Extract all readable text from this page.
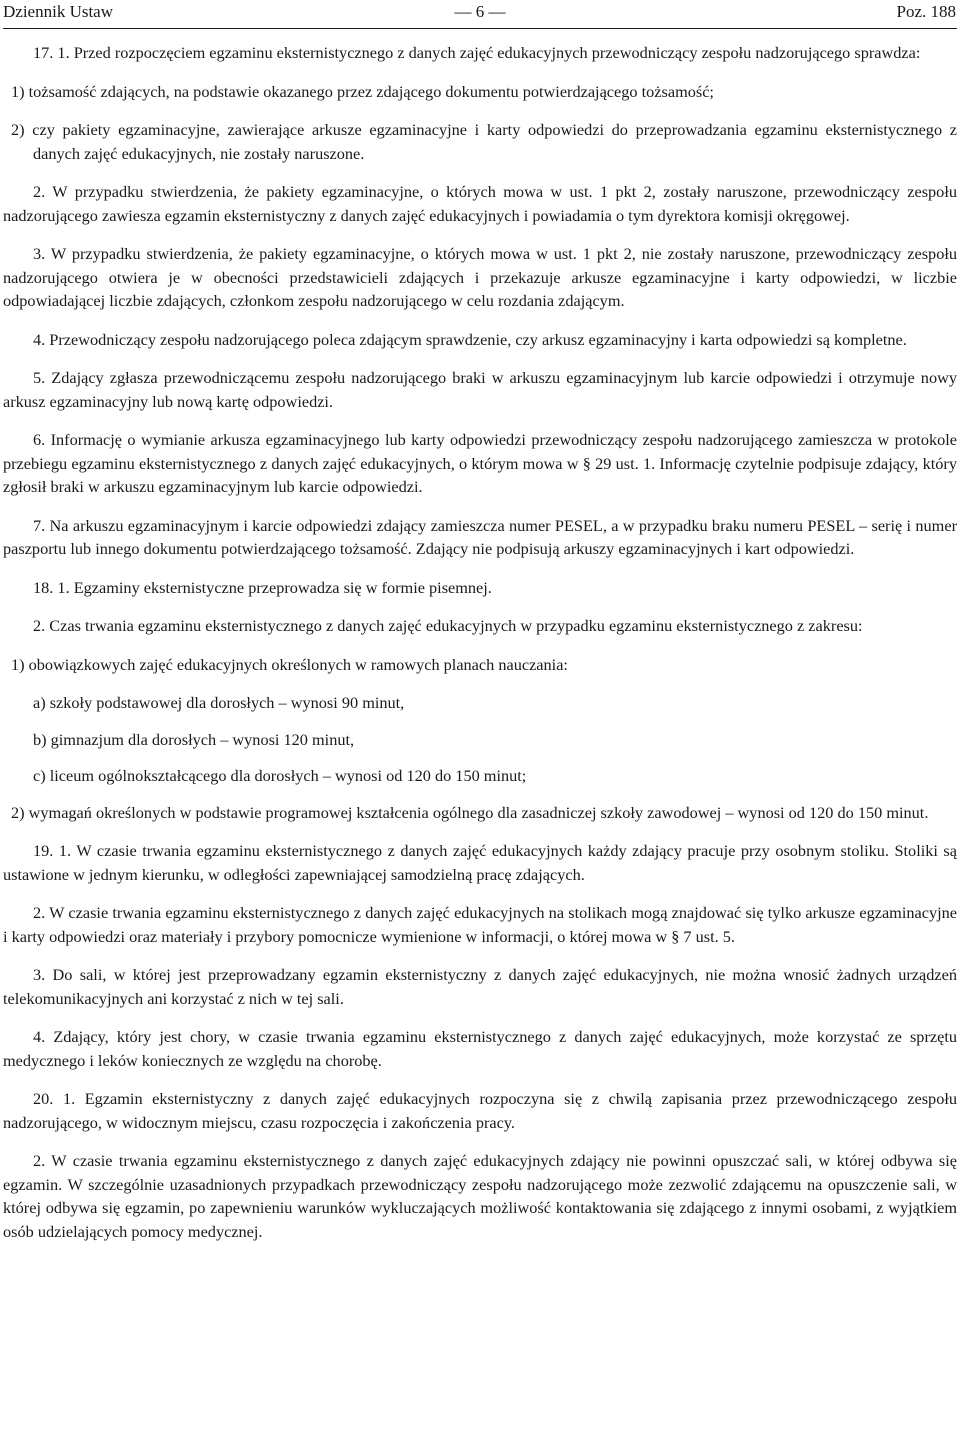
Dziennik Ustaw	— 6 —	Poz. 188

17. 1. Przed rozpoczęciem egzaminu eksternistycznego z danych zajęć edukacyjnych przewodniczący zespołu nadzorującego sprawdza:

1) tożsamość zdających, na podstawie okazanego przez zdającego dokumentu potwierdzającego tożsamość;

2) czy pakiety egzaminacyjne, zawierające arkusze egzaminacyjne i karty odpowiedzi do przeprowadzania egzaminu eksternistycznego z danych zajęć edukacyjnych, nie zostały naruszone.

2. W przypadku stwierdzenia, że pakiety egzaminacyjne, o których mowa w ust. 1 pkt 2, zostały naruszone, przewodniczący zespołu nadzorującego zawiesza egzamin eksternistyczny z danych zajęć edukacyjnych i powiadamia o tym dyrektora komisji okręgowej.

3. W przypadku stwierdzenia, że pakiety egzaminacyjne, o których mowa w ust. 1 pkt 2, nie zostały naruszone, przewodniczący zespołu nadzorującego otwiera je w obecności przedstawicieli zdających i przekazuje arkusze egzaminacyjne i karty odpowiedzi, w liczbie odpowiadającej liczbie zdających, członkom zespołu nadzorującego w celu rozdania zdającym.

4. Przewodniczący zespołu nadzorującego poleca zdającym sprawdzenie, czy arkusz egzaminacyjny i karta odpowiedzi są kompletne.

5. Zdający zgłasza przewodniczącemu zespołu nadzorującego braki w arkuszu egzaminacyjnym lub karcie odpowiedzi i otrzymuje nowy arkusz egzaminacyjny lub nową kartę odpowiedzi.

6. Informację o wymianie arkusza egzaminacyjnego lub karty odpowiedzi przewodniczący zespołu nadzorującego zamieszcza w protokole przebiegu egzaminu eksternistycznego z danych zajęć edukacyjnych, o którym mowa w § 29 ust. 1. Informację czytelnie podpisuje zdający, który zgłosił braki w arkuszu egzaminacyjnym lub karcie odpowiedzi.

7. Na arkuszu egzaminacyjnym i karcie odpowiedzi zdający zamieszcza numer PESEL, a w przypadku braku numeru PESEL – serię i numer paszportu lub innego dokumentu potwierdzającego tożsamość. Zdający nie podpisują arkuszy egzaminacyjnych i kart odpowiedzi.

18. 1. Egzaminy eksternistyczne przeprowadza się w formie pisemnej.

2. Czas trwania egzaminu eksternistycznego z danych zajęć edukacyjnych w przypadku egzaminu eksternistycznego z zakresu:

1) obowiązkowych zajęć edukacyjnych określonych w ramowych planach nauczania:

a) szkoły podstawowej dla dorosłych – wynosi 90 minut,

b) gimnazjum dla dorosłych – wynosi 120 minut,

c) liceum ogólnokształcącego dla dorosłych – wynosi od 120 do 150 minut;

2) wymagań określonych w podstawie programowej kształcenia ogólnego dla zasadniczej szkoły zawodowej – wynosi od 120 do 150 minut.

19. 1. W czasie trwania egzaminu eksternistycznego z danych zajęć edukacyjnych każdy zdający pracuje przy osobnym stoliku. Stoliki są ustawione w jednym kierunku, w odległości zapewniającej samodzielną pracę zdających.

2. W czasie trwania egzaminu eksternistycznego z danych zajęć edukacyjnych na stolikach mogą znajdować się tylko arkusze egzaminacyjne i karty odpowiedzi oraz materiały i przybory pomocnicze wymienione w informacji, o której mowa w § 7 ust. 5.

3. Do sali, w której jest przeprowadzany egzamin eksternistyczny z danych zajęć edukacyjnych, nie można wnosić żadnych urządzeń telekomunikacyjnych ani korzystać z nich w tej sali.

4. Zdający, który jest chory, w czasie trwania egzaminu eksternistycznego z danych zajęć edukacyjnych, może korzystać ze sprzętu medycznego i leków koniecznych ze względu na chorobę.

20. 1. Egzamin eksternistyczny z danych zajęć edukacyjnych rozpoczyna się z chwilą zapisania przez przewodniczącego zespołu nadzorującego, w widocznym miejscu, czasu rozpoczęcia i zakończenia pracy.

2. W czasie trwania egzaminu eksternistycznego z danych zajęć edukacyjnych zdający nie powinni opuszczać sali, w której odbywa się egzamin. W szczególnie uzasadnionych przypadkach przewodniczący zespołu nadzorującego może zezwolić zdającemu na opuszczenie sali, w której odbywa się egzamin, po zapewnieniu warunków wykluczających możliwość kontaktowania się zdającego z innymi osobami, z wyjątkiem osób udzielających pomocy medycznej.
